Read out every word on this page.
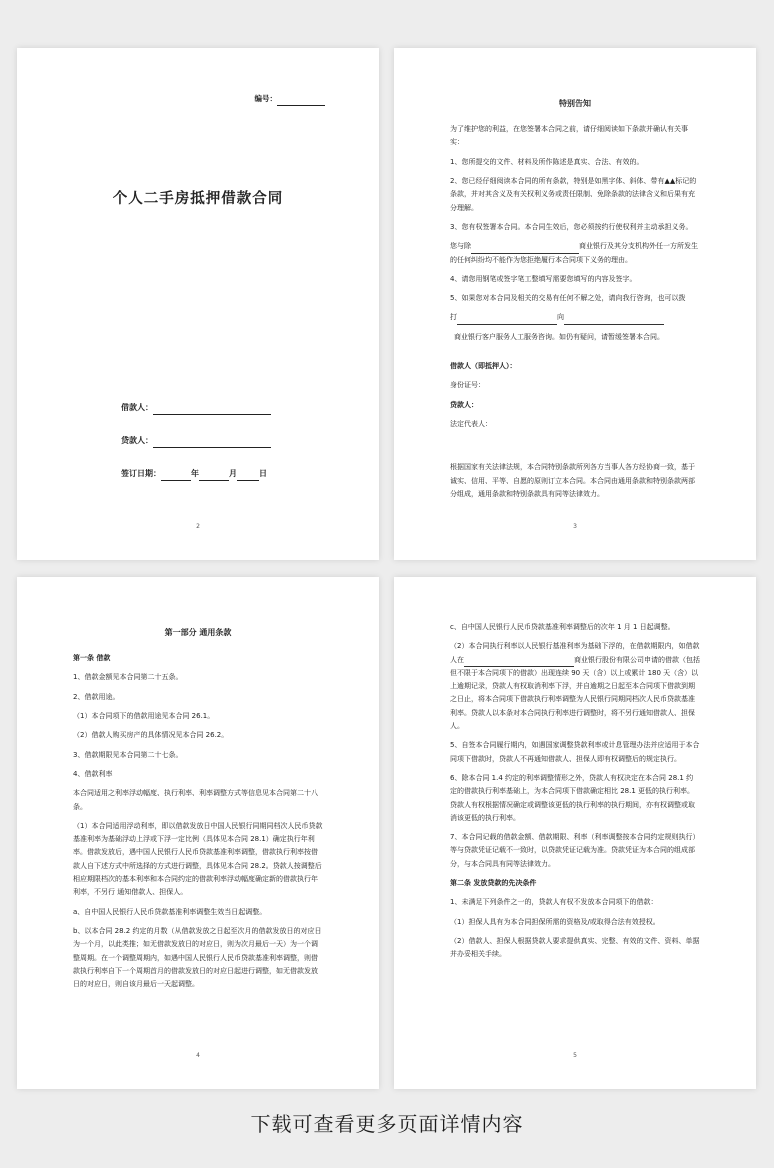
编号：
个人二手房抵押借款合同
借款人：
贷款人：
签订日期：	年	月	日
2

特别告知

为了维护您的利益，在您签署本合同之前，请仔细阅读如下条款并确认有关事实：

1、您所提交的文件、材料及所作陈述是真实、合法、有效的。

2、您已经仔细阅读本合同的所有条款，特别是如黑字体、斜体、带有▲▲标记的条款，并对其含义及有关权利义务或责任限制、免除条款的法律含义和后果有充分理解。

3、您有权签署本合同。本合同生效后，您必须按约行使权利并主动承担义务。

您与除	商业银行及其分支机构外任一方所发生的任何纠纷均不能作为您拒绝履行本合同项下义务的理由。

4、请您用钢笔或签字笔工整填写需要您填写的内容及签字。

5、如果您对本合同及相关的交易有任何不解之处，请向我行咨询，也可以拨

打	向

商业银行客户服务人工服务咨询。如仍有疑问，请暂缓签署本合同。

借款人（即抵押人）：

身份证号：

贷款人：

法定代表人：

根据国家有关法律法规，本合同特别条款所列各方当事人各方经协商一致，基于诚实、信用、平等、自愿的原则订立本合同。本合同由通用条款和特别条款两部分组成，通用条款和特别条款具有同等法律效力。

3

第一部分 通用条款

第一条 借款

1、借款金额见本合同第二十五条。

2、借款用途。

（1）本合同项下的借款用途见本合同 26.1。

（2）借款人购买房产的具体情况见本合同 26.2。

3、借款期限见本合同第二十七条。

4、借款利率

本合同适用之利率浮动幅度、执行利率、利率调整方式等信息见本合同第二十八条。

（1）本合同适用浮动利率，即以借款发放日中国人民银行同期同档次人民币贷款基准利率为基础浮动上浮或下浮一定比例（具体见本合同 28.1）确定执行年利率。借款发放后，遇中国人民银行人民币贷款基准利率调整，借款执行利率按借款人自下述方式中所选择的方式进行调整，具体见本合同 28.2。贷款人按调整后相应期限档次的基本利率和本合同约定的借款利率浮动幅度确定新的借款执行年利率，不另行 通知借款人、担保人。

a、自中国人民银行人民币贷款基准利率调整生效当日起调整。

b、以本合同 28.2 约定的月数（从借款发放之日起至次月的借款发放日的对应日为一个月，以此类推；如无借款发放日的对应日，则为次月最后一天）为一个调整周期。在一个调整周期内，如遇中国人民银行人民币贷款基准利率调整，则借款执行利率自下一个周期首月的借款发放日的对应日起进行调整，如无借款发放日的对应日，则自该月最后一天起调整。

4

c、自中国人民银行人民币贷款基准利率调整后的次年 1 月 1 日起调整。

（2）本合同执行利率以人民银行基准利率为基础下浮的，在借款期限内，如借款人在	商业银行股份有限公司申请的借款（包括但不限于本合同项下的借款）出现连续 90 天（含）以上或累计 180 天（含）以上逾期记录，贷款人有权取消利率下浮，并自逾期之日起至本合同项下借款到期之日止，将本合同项下借款执行利率调整为人民银行同期同档次人民币贷款基准利率。贷款人以本条对本合同执行利率进行调整时，将不另行通知借款人、担保人。

5、自签本合同履行期内，如遇国家调整贷款利率或计息管理办法并应适用于本合同项下借款时，贷款人不再通知借款人、担保人即有权调整后的规定执行。

6、除本合同 1.4 约定的利率调整情形之外，贷款人有权决定在本合同 28.1 约定的借款执行利率基础上，为本合同项下借款确定相比 28.1 更低的执行利率。贷款人有权根据情况确定或调整该更低的执行利率的执行期间，亦有权调整或取消该更低的执行利率。

7、本合同记载的借款金额、借款期限、利率（利率调整按本合同约定规则执行）等与贷款凭证记载不一致时，以贷款凭证记载为准。贷款凭证为本合同的组成部分，与本合同具有同等法律效力。

第二条 发放贷款的先决条件

1、未满足下列条件之一的，贷款人有权不发放本合同项下的借款：

（1）担保人具有为本合同担保所需的资格及/或取得合法有效授权。

（2）借款人、担保人根据贷款人要求提供真实、完整、有效的文件、资料、单据并办妥相关手续。

5
下载可查看更多页面详情内容
